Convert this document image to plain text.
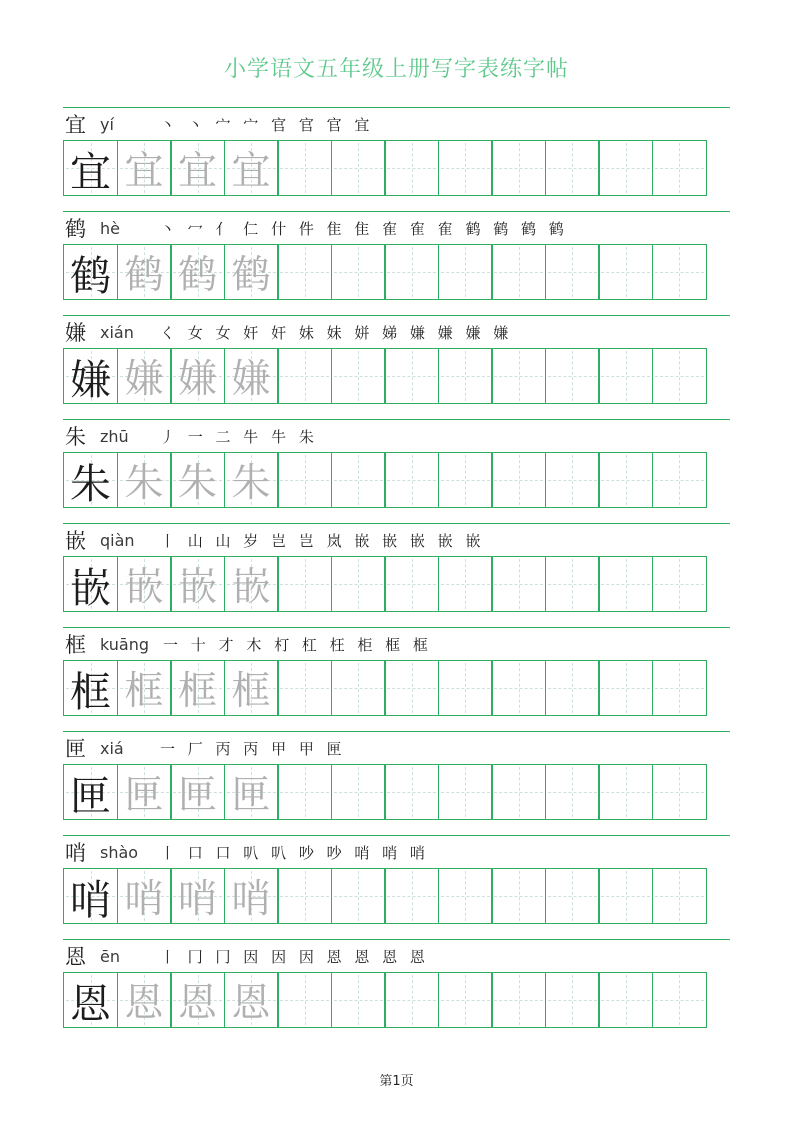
小学语文五年级上册写字表练字帖
宜 yí	丶 丶 宀 宀 官 官 官 宜
宜 宜 宜 宜
鹤 hè	丶 冖 亻 仁 什 件 隹 隹 隺 隺 隺 鹤 鹤 鹤 鹤
鹤 鹤 鹤 鹤
嫌 xián	く 女 女 奸 奸 妹 妹 姘 娣 嫌 嫌 嫌 嫌
嫌 嫌 嫌 嫌
朱 zhū	丿 一 二 牛 牛 朱
朱 朱 朱 朱
嵌 qiàn	丨 山 山 岁 岂 岂 岚 嵌 嵌 嵌 嵌 嵌
嵌 嵌 嵌 嵌
框 kuāng 一 十 才 木 朾 杠 枉 柜 框 框
框 框 框 框
匣 xiá	一 厂 丙 丙 甲 甲 匣
匣 匣 匣 匣
哨 shào	丨 口 口 叭 叭 吵 吵 哨 哨 哨
哨 哨 哨 哨
恩 ēn	丨 冂 冂 因 因 因 恩 恩 恩 恩
恩 恩 恩 恩
第1页
